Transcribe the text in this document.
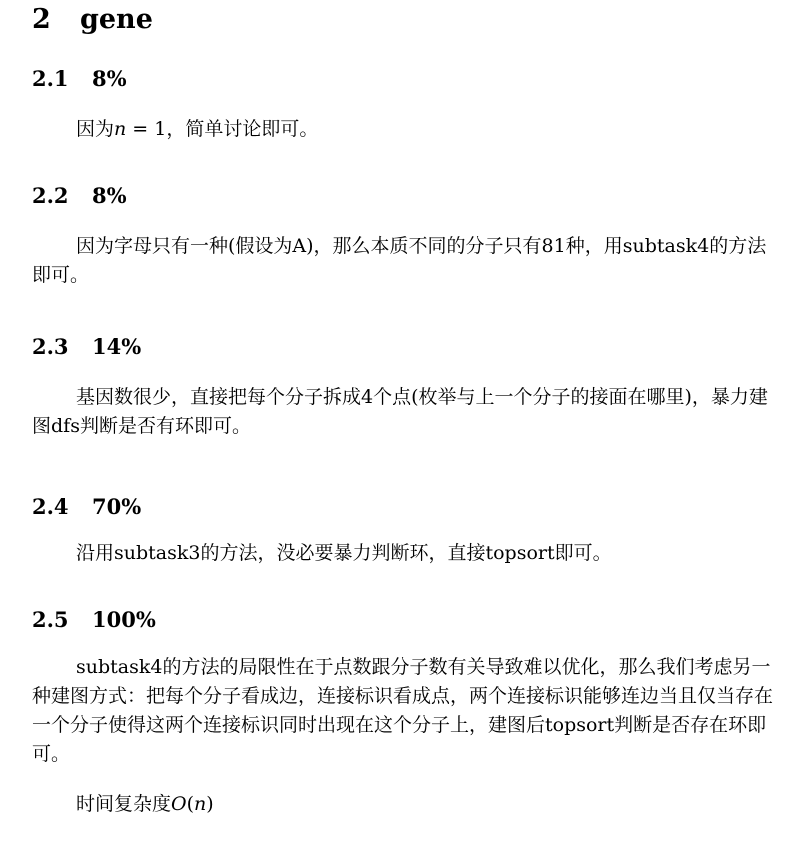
2 gene
2.1 8%

因为n = 1，简单讨论即可。

2.2 8%

因为字母只有一种(假设为A)，那么本质不同的分子只有81种，用subtask4的方法即可。

2.3 14%

基因数很少，直接把每个分子拆成4个点(枚举与上一个分子的接面在哪里)，暴力建图dfs判断是否有环即可。

2.4 70%

沿用subtask3的方法，没必要暴力判断环，直接topsort即可。

2.5 100%

subtask4的方法的局限性在于点数跟分子数有关导致难以优化，那么我们考虑另一种建图方式：把每个分子看成边，连接标识看成点，两个连接标识能够连边当且仅当存在一个分子使得这两个连接标识同时出现在这个分子上，建图后topsort判断是否存在环即可。

时间复杂度O(n)
